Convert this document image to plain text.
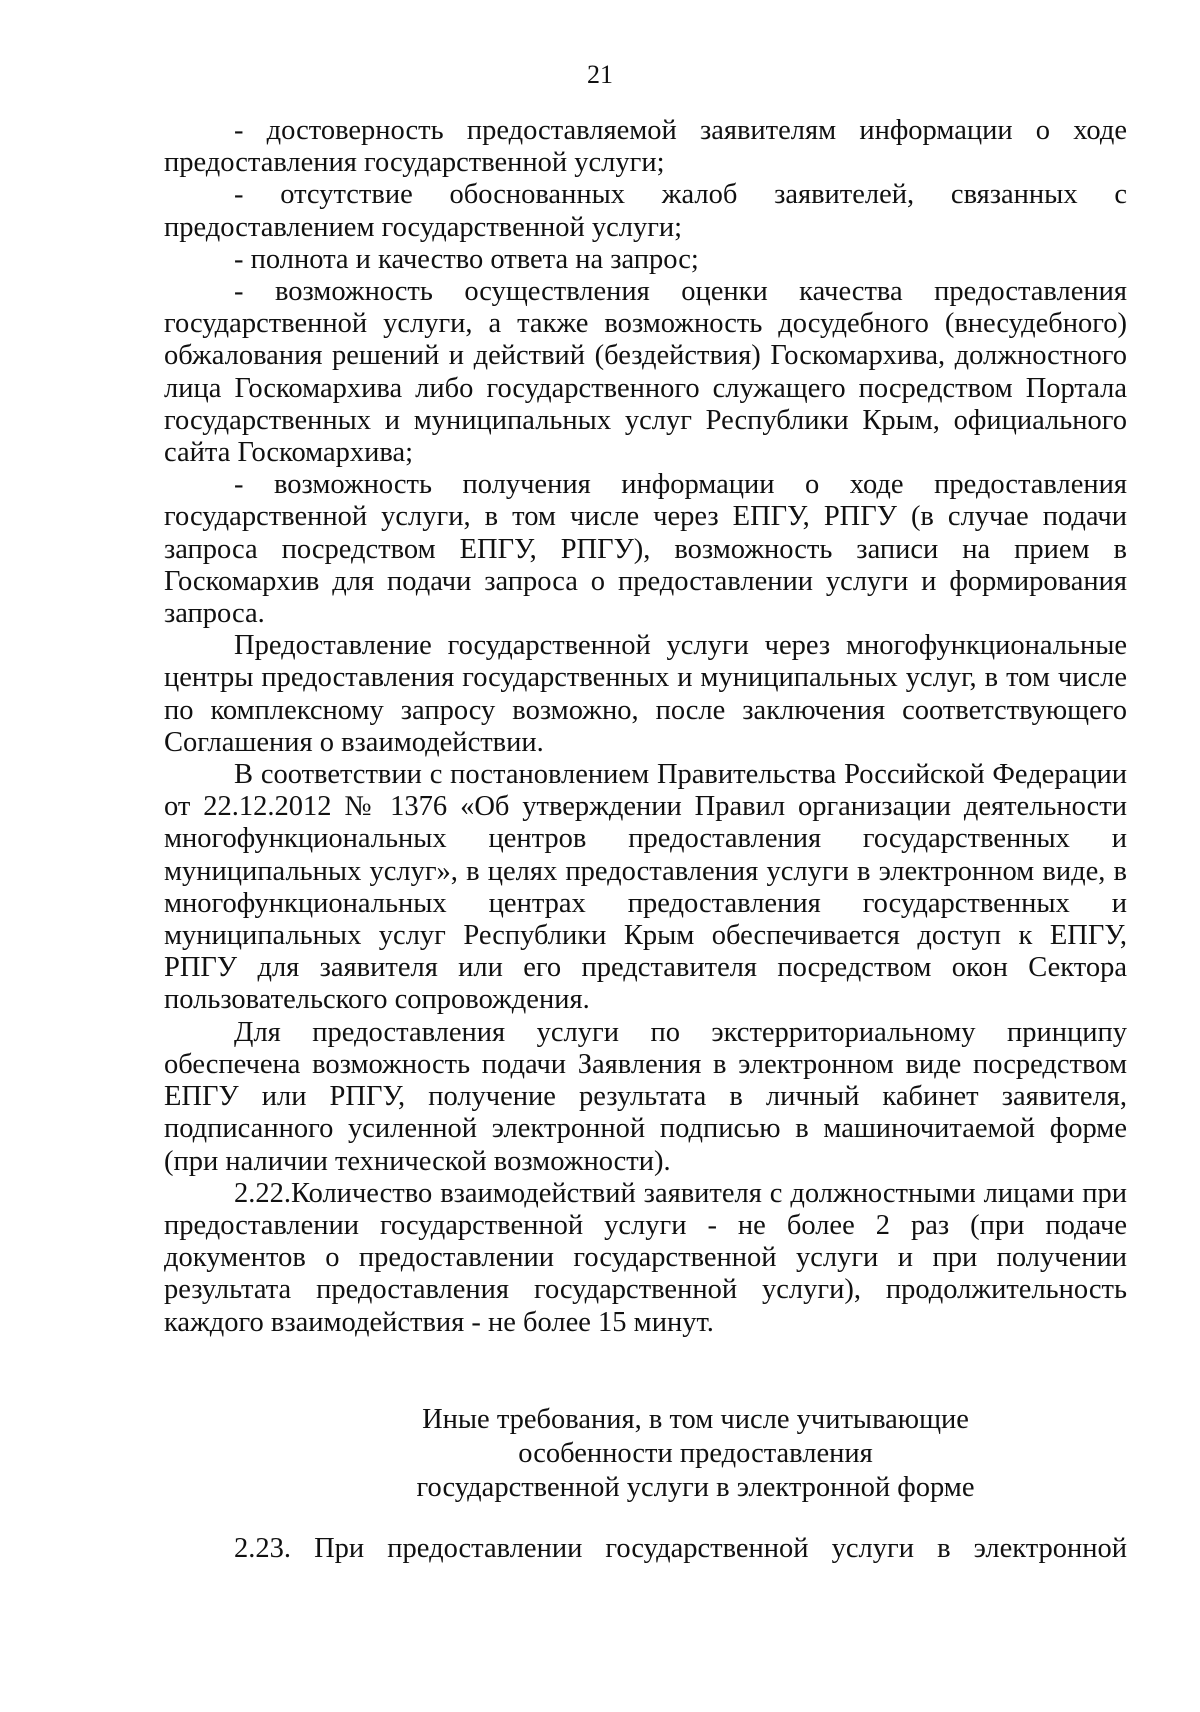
21

- достоверность предоставляемой заявителям информации о ходе предоставления государственной услуги;

- отсутствие обоснованных жалоб заявителей, связанных с предоставлением государственной услуги;

- полнота и качество ответа на запрос;

- возможность осуществления оценки качества предоставления государственной услуги, а также возможность досудебного (внесудебного) обжалования решений и действий (бездействия) Госкомархива, должностного лица Госкомархива либо государственного служащего посредством Портала государственных и муниципальных услуг Республики Крым, официального сайта Госкомархива;

- возможность получения информации о ходе предоставления государственной услуги, в том числе через ЕПГУ, РПГУ (в случае подачи запроса посредством ЕПГУ, РПГУ), возможность записи на прием в Госкомархив для подачи запроса о предоставлении услуги и формирования запроса.

Предоставление государственной услуги через многофункциональные центры предоставления государственных и муниципальных услуг, в том числе по комплексному запросу возможно, после заключения соответствующего Соглашения о взаимодействии.

В соответствии с постановлением Правительства Российской Федерации от 22.12.2012 № 1376 «Об утверждении Правил организации деятельности многофункциональных центров предоставления государственных и муниципальных услуг», в целях предоставления услуги в электронном виде, в многофункциональных центрах предоставления государственных и муниципальных услуг Республики Крым обеспечивается доступ к ЕПГУ, РПГУ для заявителя или его представителя посредством окон Сектора пользовательского сопровождения.

Для предоставления услуги по экстерриториальному принципу обеспечена возможность подачи Заявления в электронном виде посредством ЕПГУ или РПГУ, получение результата в личный кабинет заявителя, подписанного усиленной электронной подписью в машиночитаемой форме (при наличии технической возможности).

2.22.Количество взаимодействий заявителя с должностными лицами при предоставлении государственной услуги - не более 2 раз (при подаче документов о предоставлении государственной услуги и при получении результата предоставления государственной услуги), продолжительность каждого взаимодействия - не более 15 минут.

Иные требования, в том числе учитывающие
особенности предоставления
государственной услуги в электронной форме
2.23. При предоставлении государственной услуги в электронной
